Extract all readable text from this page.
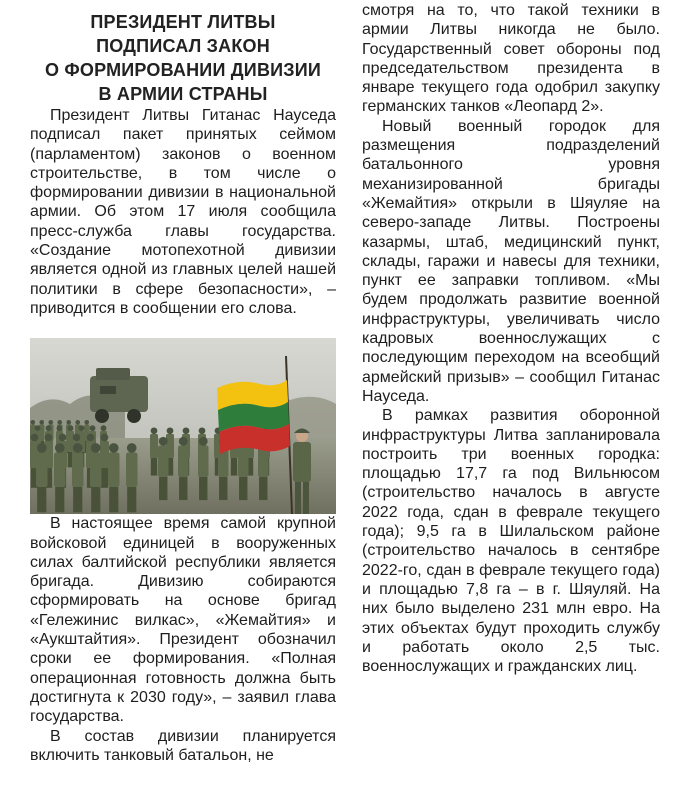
ПРЕЗИДЕНТ ЛИТВЫ
ПОДПИСАЛ ЗАКОН
О ФОРМИРОВАНИИ ДИВИЗИИ
В АРМИИ СТРАНЫ

Президент Литвы Гитанас Науседа подписал пакет принятых сеймом (парламентом) законов о военном строительстве, в том числе о формировании дивизии в национальной армии. Об этом 17 июля сообщила пресс-служба главы государства. «Создание мотопехотной дивизии является одной из главных целей нашей политики в сфере безопасности», – приводится в сообщении его слова.

В настоящее время самой крупной войсковой единицей в вооруженных силах балтийской республики является бригада. Дивизию собираются сформировать на основе бригад «Гележинис вилкас», «Жемайтия» и «Аукштайтия». Президент обозначил сроки ее формирования. «Полная операционная готовность должна быть достигнута к 2030 году», – заявил глава государства.

В состав дивизии планируется включить танковый батальон, не

смотря на то, что такой техники в армии Литвы никогда не было. Государственный совет обороны под председательством президента в январе текущего года одобрил закупку германских танков «Леопард 2».

Новый военный городок для размещения подразделений батальонного уровня механизированной бригады «Жемайтия» открыли в Шяуляе на северо-западе Литвы. Построены казармы, штаб, медицинский пункт, склады, гаражи и навесы для техники, пункт ее заправки топливом. «Мы будем продолжать развитие военной инфраструктуры, увеличивать число кадровых военнослужащих с последующим переходом на всеобщий армейский призыв» – сообщил Гитанас Науседа.

В рамках развития оборонной инфраструктуры Литва запланировала построить три военных городка: площадью 17,7 га под Вильнюсом (строительство началось в августе 2022 года, сдан в феврале текущего года); 9,5 га в Шилальском районе (строительство началось в сентябре 2022-го, сдан в феврале текущего года) и площадью 7,8 га – в г. Шяуляй. На них было выделено 231 млн евро. На этих объектах будут проходить службу и работать около 2,5 тыс. военнослужащих и гражданских лиц.
